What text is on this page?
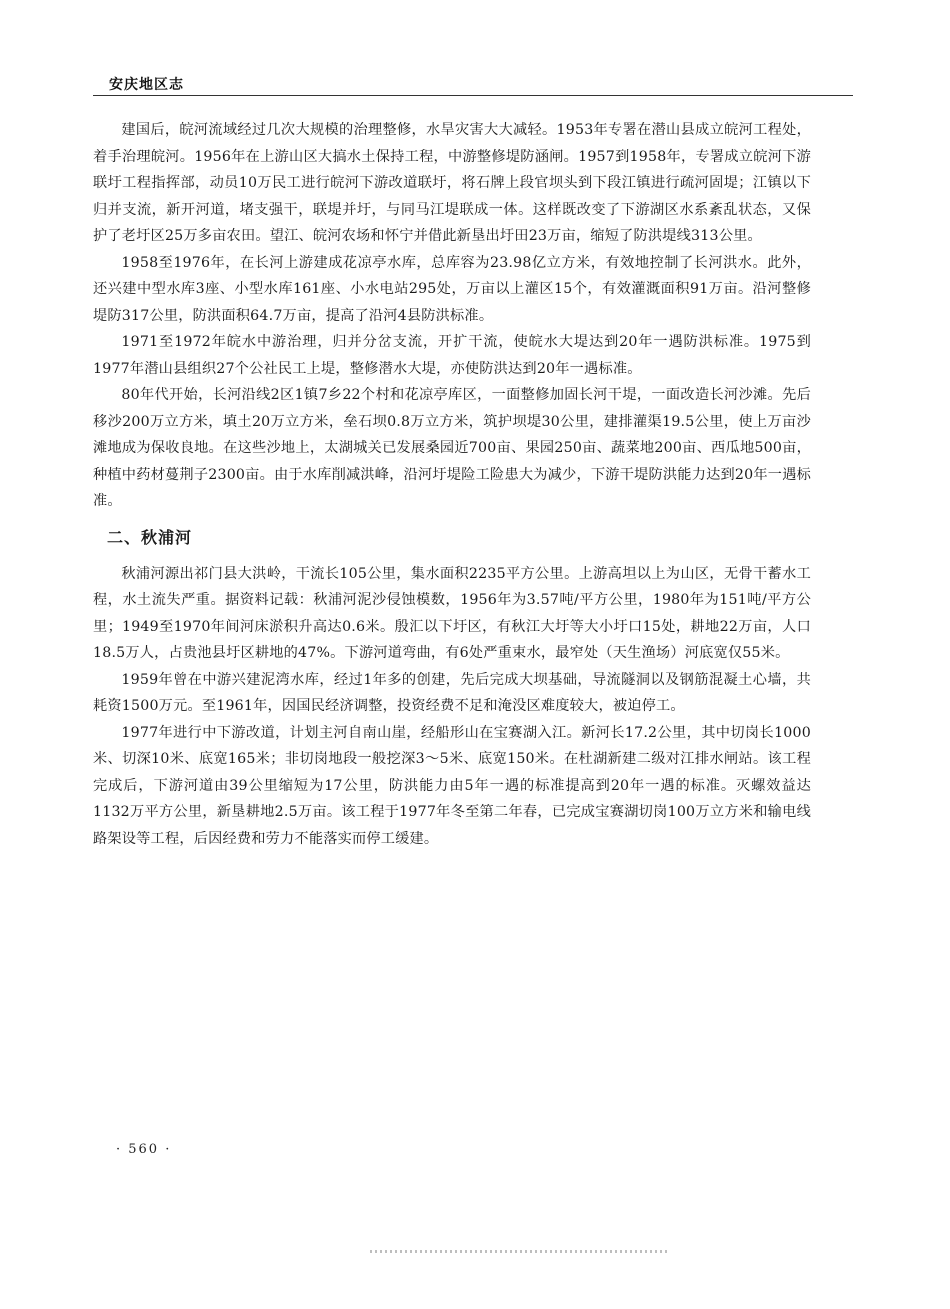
安庆地区志

建国后，皖河流域经过几次大规模的治理整修，水旱灾害大大减轻。1953年专署在潜山县成立皖河工程处，着手治理皖河。1956年在上游山区大搞水土保持工程，中游整修堤防涵闸。1957到1958年，专署成立皖河下游联圩工程指挥部，动员10万民工进行皖河下游改道联圩，将石牌上段官坝头到下段江镇进行疏河固堤；江镇以下归并支流，新开河道，堵支强干，联堤并圩，与同马江堤联成一体。这样既改变了下游湖区水系紊乱状态，又保护了老圩区25万多亩农田。望江、皖河农场和怀宁并借此新垦出圩田23万亩，缩短了防洪堤线313公里。

1958至1976年，在长河上游建成花凉亭水库，总库容为23.98亿立方米，有效地控制了长河洪水。此外，还兴建中型水库3座、小型水库161座、小水电站295处，万亩以上灌区15个，有效灌溉面积91万亩。沿河整修堤防317公里，防洪面积64.7万亩，提高了沿河4县防洪标准。

1971至1972年皖水中游治理，归并分岔支流，开扩干流，使皖水大堤达到20年一遇防洪标准。1975到1977年潜山县组织27个公社民工上堤，整修潜水大堤，亦使防洪达到20年一遇标准。

80年代开始，长河沿线2区1镇7乡22个村和花凉亭库区，一面整修加固长河干堤，一面改造长河沙滩。先后移沙200万立方米，填土20万立方米，垒石坝0.8万立方米，筑护坝堤30公里，建排灌渠19.5公里，使上万亩沙滩地成为保收良地。在这些沙地上，太湖城关已发展桑园近700亩、果园250亩、蔬菜地200亩、西瓜地500亩，种植中药材蔓荆子2300亩。由于水库削减洪峰，沿河圩堤险工险患大为减少，下游干堤防洪能力达到20年一遇标准。

二、秋浦河

秋浦河源出祁门县大洪岭，干流长105公里，集水面积2235平方公里。上游高坦以上为山区，无骨干蓄水工程，水土流失严重。据资料记载：秋浦河泥沙侵蚀模数，1956年为3.57吨/平方公里，1980年为151吨/平方公里；1949至1970年间河床淤积升高达0.6米。殷汇以下圩区，有秋江大圩等大小圩口15处，耕地22万亩，人口18.5万人，占贵池县圩区耕地的47%。下游河道弯曲，有6处严重束水，最窄处（天生渔场）河底宽仅55米。

1959年曾在中游兴建泥湾水库，经过1年多的创建，先后完成大坝基础，导流隧洞以及钢筋混凝土心墙，共耗资1500万元。至1961年，因国民经济调整，投资经费不足和淹没区难度较大，被迫停工。

1977年进行中下游改道，计划主河自南山崖，经船形山在宝赛湖入江。新河长17.2公里，其中切岗长1000米、切深10米、底宽165米；非切岗地段一般挖深3～5米、底宽150米。在杜湖新建二级对江排水闸站。该工程完成后，下游河道由39公里缩短为17公里，防洪能力由5年一遇的标准提高到20年一遇的标准。灭螺效益达1132万平方公里，新垦耕地2.5万亩。该工程于1977年冬至第二年春，已完成宝赛湖切岗100万立方米和输电线路架设等工程，后因经费和劳力不能落实而停工缓建。

· 560 ·
